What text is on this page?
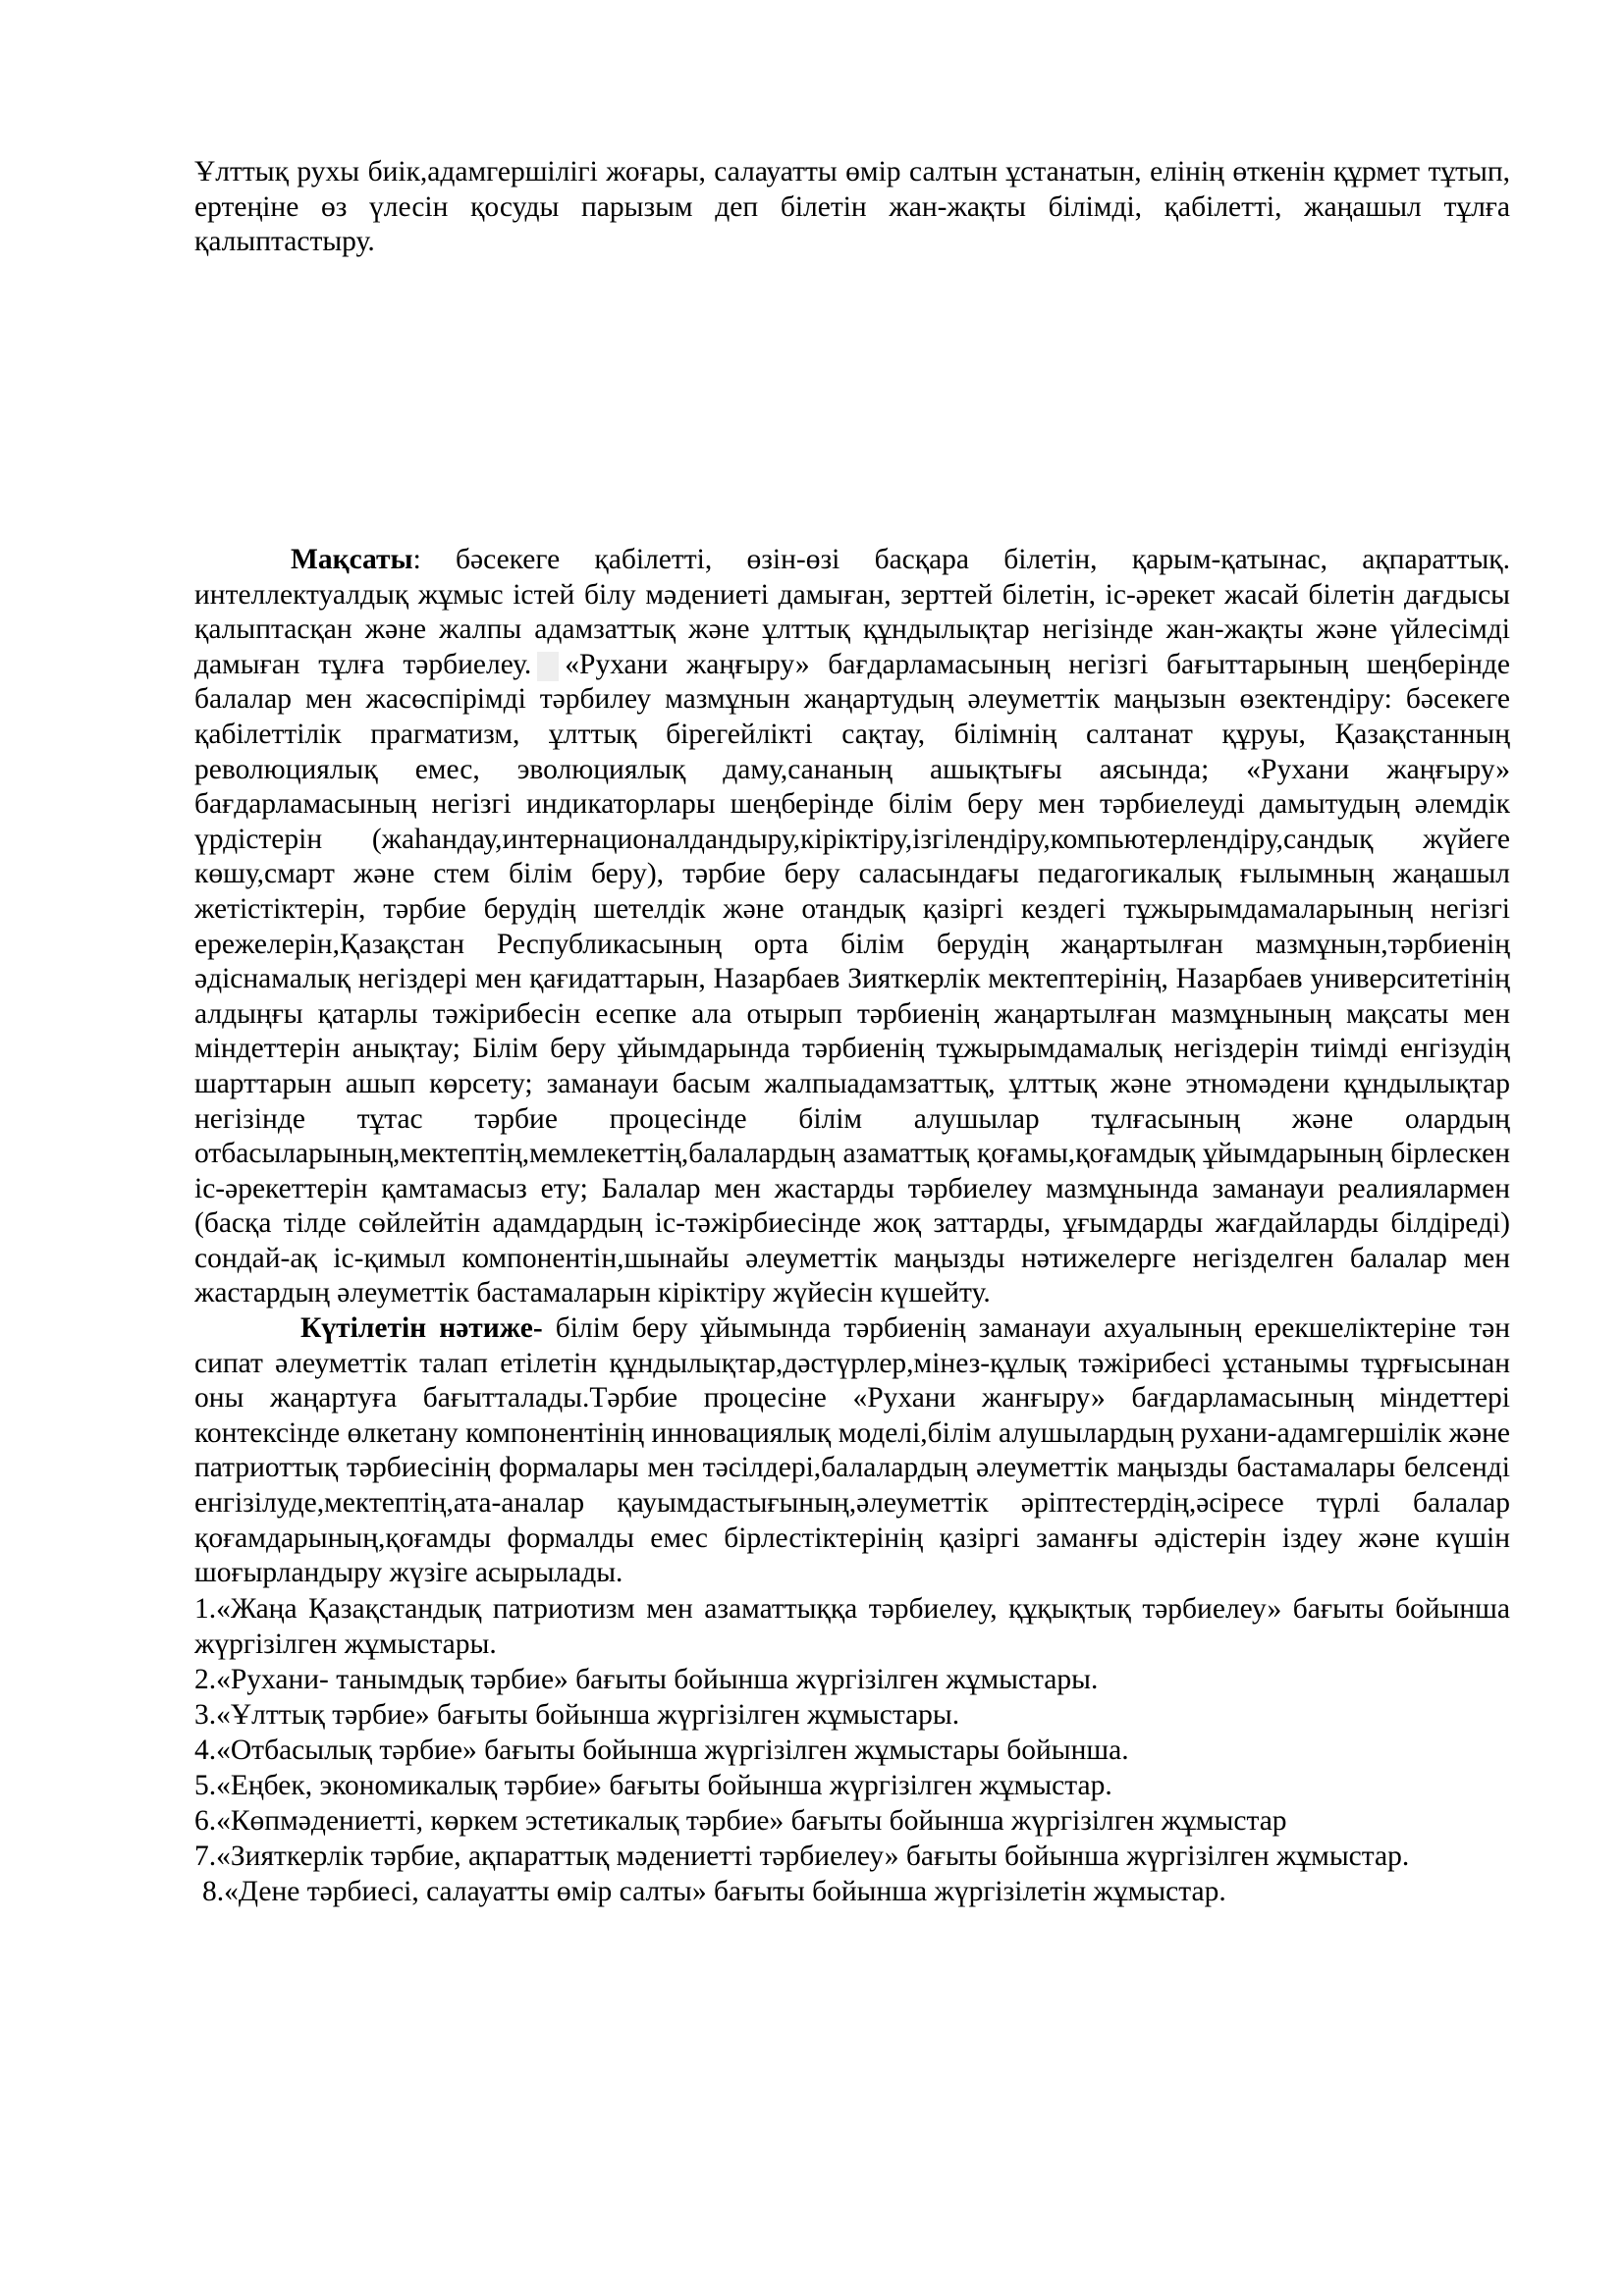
Ұлттық рухы биік,адамгершілігі жоғары, салауатты өмір салтын ұстанатын, елінің өткенін құрмет тұтып, ертеңіне өз үлесін қосуды парызым деп білетін жан-жақты білімді, қабілетті, жаңашыл тұлға қалыптастыру.

Мақсаты: бәсекеге қабілетті, өзін-өзі басқара білетін, қарым-қатынас, ақпараттық. интеллектуалдық жұмыс істей білу мәдениеті дамыған, зерттей білетін, іс-әрекет жасай білетін дағдысы қалыптасқан және жалпы адамзаттық және ұлттық құндылықтар негізінде жан-жақты және үйлесімді дамыған тұлға тәрбиелеу. «Рухани жаңғыру» бағдарламасының негізгі бағыттарының шеңберінде балалар мен жасөспірімді тәрбилеу мазмұнын жаңартудың әлеуметтік маңызын өзектендіру: бәсекеге қабілеттілік прагматизм, ұлттық бірегейлікті сақтау, білімнің салтанат құруы, Қазақстанның революциялық емес, эволюциялық даму,сананың ашықтығы аясында; «Рухани жаңғыру» бағдарламасының негізгі индикаторлары шеңберінде білім беру мен тәрбиелеуді дамытудың әлемдік үрдістерін (жаһандау,интернационалдандыру,кіріктіру,ізгілендіру,компьютерлендіру,сандық жүйеге көшу,смарт және стем білім беру), тәрбие беру саласындағы педагогикалық ғылымның жаңашыл жетістіктерін, тәрбие берудің шетелдік және отандық қазіргі кездегі тұжырымдамаларының негізгі ережелерін,Қазақстан Республикасының орта білім берудің жаңартылған мазмұнын,тәрбиенің әдіснамалық негіздері мен қағидаттарын, Назарбаев Зияткерлік мектептерінің, Назарбаев университетінің алдыңғы қатарлы тәжірибесін есепке ала отырып тәрбиенің жаңартылған мазмұнының мақсаты мен міндеттерін анықтау; Білім беру ұйымдарында тәрбиенің тұжырымдамалық негіздерін тиімді енгізудің шарттарын ашып көрсету; заманауи басым жалпыадамзаттық, ұлттық және этномәдени құндылықтар негізінде тұтас тәрбие процесінде білім алушылар тұлғасының және олардың отбасыларының,мектептің,мемлекеттің,балалардың азаматтық қоғамы,қоғамдық ұйымдарының бірлескен іс-әрекеттерін қамтамасыз ету; Балалар мен жастарды тәрбиелеу мазмұнында заманауи реалиялармен (басқа тілде сөйлейтін адамдардың іс-тәжірбиесінде жоқ заттарды, ұғымдарды жағдайларды білдіреді) сондай-ақ іс-қимыл компонентін,шынайы әлеуметтік маңызды нәтижелерге негізделген балалар мен жастардың әлеуметтік бастамаларын кіріктіру жүйесін күшейту.

Күтілетін нәтиже- білім беру ұйымында тәрбиенің заманауи ахуалының ерекшеліктеріне тән сипат әлеуметтік талап етілетін құндылықтар,дәстүрлер,мінез-құлық тәжірибесі ұстанымы тұрғысынан оны жаңартуға бағытталады.Тәрбие процесіне «Рухани жанғыру» бағдарламасының міндеттері контексінде өлкетану компонентінің инновациялық моделі,білім алушылардың рухани-адамгершілік және патриоттық тәрбиесінің формалары мен тәсілдері,балалардың әлеуметтік маңызды бастамалары белсенді енгізілуде,мектептің,ата-аналар қауымдастығының,әлеуметтік әріптестердің,әсіресе түрлі балалар қоғамдарының,қоғамды формалды емес бірлестіктерінің қазіргі заманғы әдістерін іздеу және күшін шоғырландыру жүзіге асырылады.

1.«Жаңа Қазақстандық патриотизм мен азаматтыққа тәрбиелеу, құқықтық тәрбиелеу» бағыты бойынша жүргізілген жұмыстары.
2.«Рухани- танымдық тәрбие» бағыты бойынша жүргізілген жұмыстары.
3.«Ұлттық тәрбие» бағыты бойынша жүргізілген жұмыстары.
4.«Отбасылық тәрбие» бағыты бойынша жүргізілген жұмыстары бойынша.
5.«Еңбек, экономикалық тәрбие» бағыты бойынша жүргізілген жұмыстар.
6.«Көпмәдениетті, көркем эстетикалық тәрбие» бағыты бойынша жүргізілген жұмыстар
7.«Зияткерлік тәрбие, ақпараттық мәдениетті тәрбиелеу» бағыты бойынша жүргізілген жұмыстар.
8.«Дене тәрбиесі, салауатты өмір салты» бағыты бойынша жүргізілетін жұмыстар.
